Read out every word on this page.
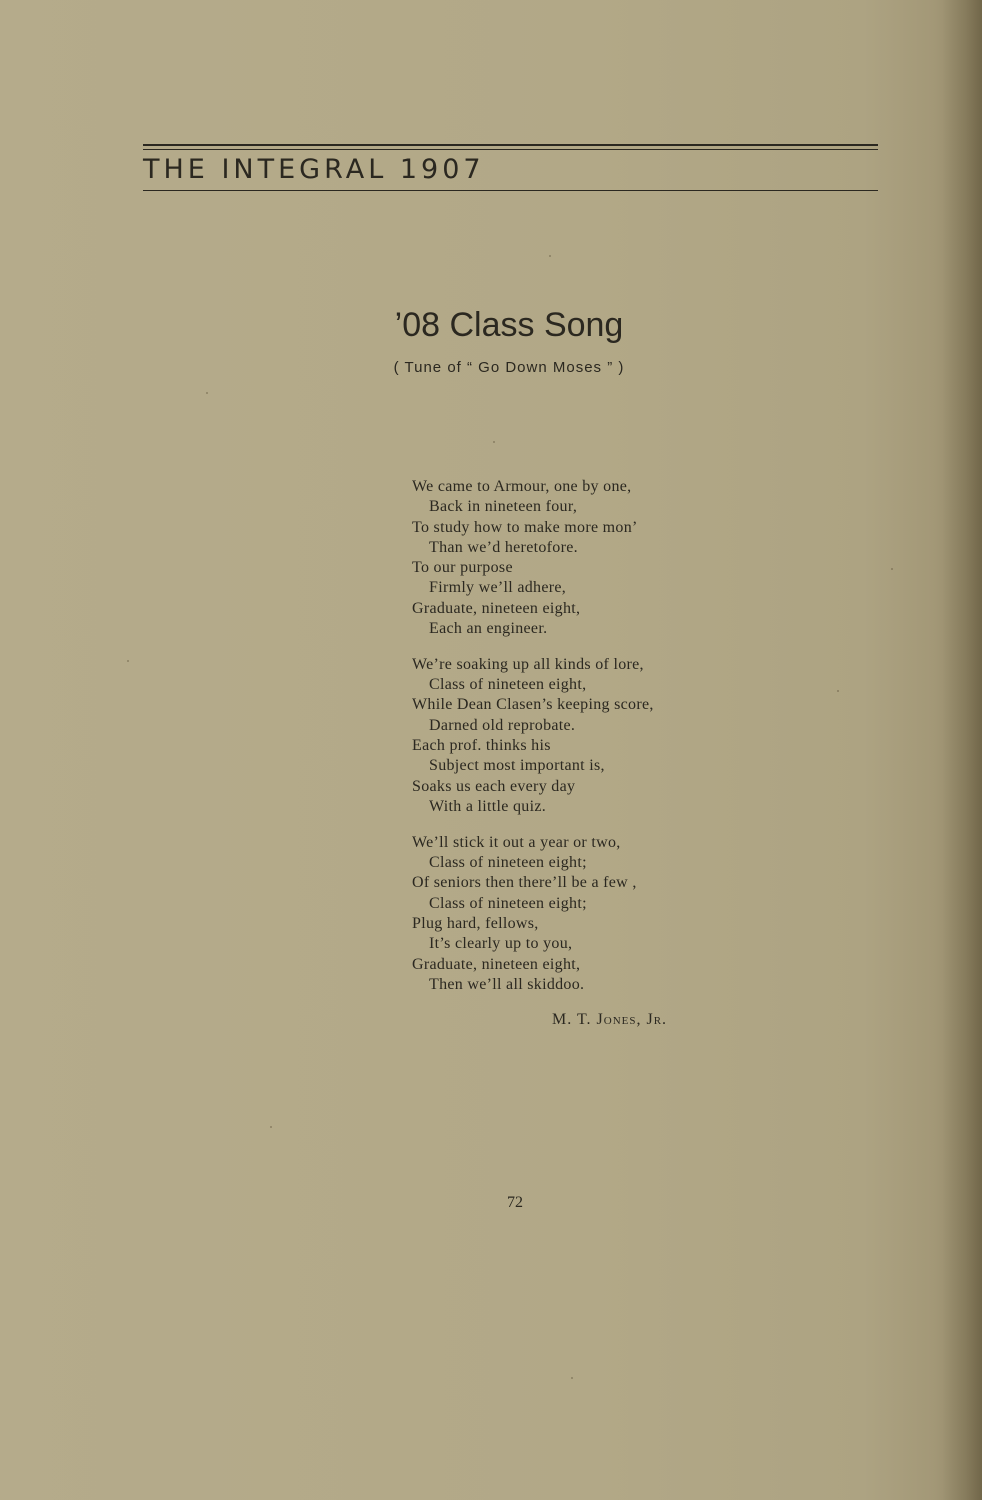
THE INTEGRAL 1907
’08 Class Song
( Tune of “ Go Down Moses ” )
We came to Armour, one by one,
Back in nineteen four,
To study how to make more mon’
Than we’d heretofore.
To our purpose
Firmly we’ll adhere,
Graduate, nineteen eight,
Each an engineer.
We’re soaking up all kinds of lore,
Class of nineteen eight,
While Dean Clasen’s keeping score,
Darned old reprobate.
Each prof. thinks his
Subject most important is,
Soaks us each every day
With a little quiz.
We’ll stick it out a year or two,
Class of nineteen eight;
Of seniors then there’ll be a few ,
Class of nineteen eight;
Plug hard, fellows,
It’s clearly up to you,
Graduate, nineteen eight,
Then we’ll all skiddoo.
M. T. Jones, Jr.
72
